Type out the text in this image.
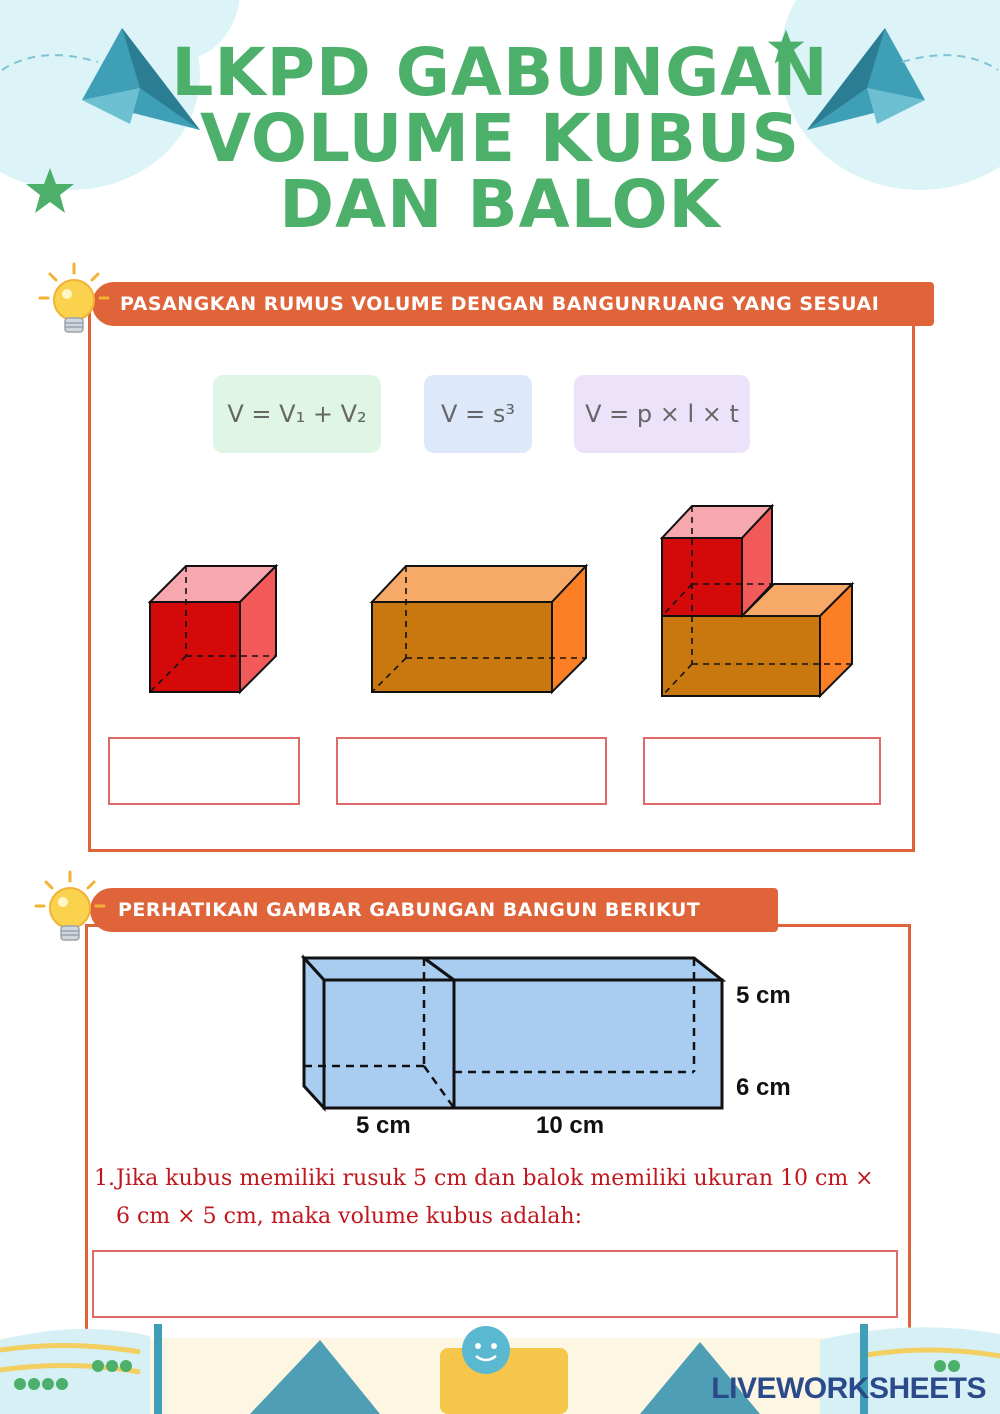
LKPD GABUNGAN
VOLUME KUBUS
DAN BALOK
PASANGKAN RUMUS VOLUME DENGAN BANGUNRUANG YANG SESUAI
V = V₁ + V₂	V = s³	V = p × l × t
PERHATIKAN GAMBAR GABUNGAN BANGUN BERIKUT
5 cm
6 cm
5 cm	10 cm
1. Jika kubus memiliki rusuk 5 cm dan balok memiliki ukuran 10 cm × 6 cm × 5 cm, maka volume kubus adalah:
LIVEWORKSHEETS
